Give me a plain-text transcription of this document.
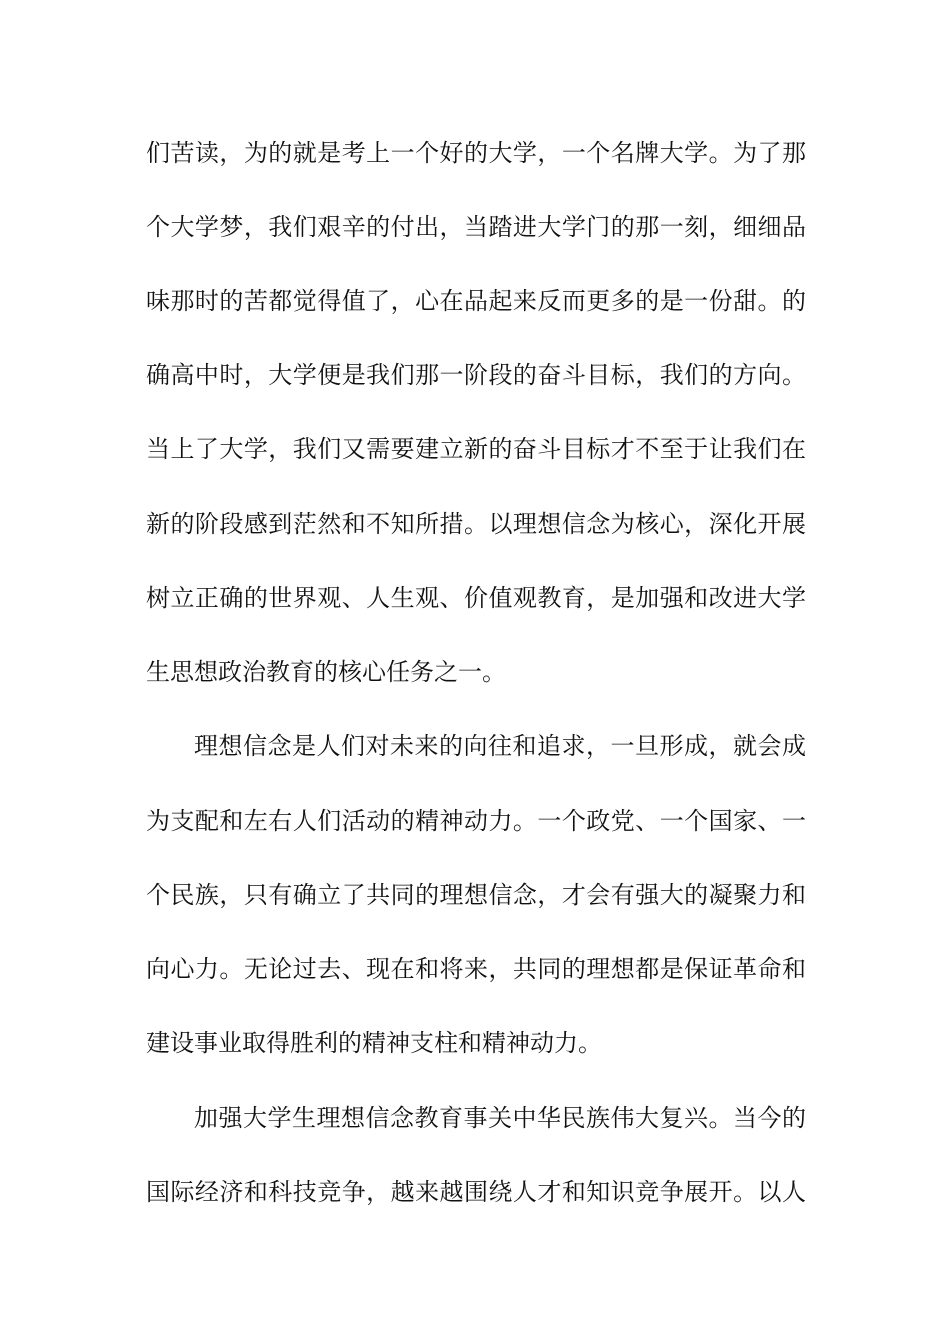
们苦读，为的就是考上一个好的大学，一个名牌大学。为了那
个大学梦，我们艰辛的付出，当踏进大学门的那一刻，细细品
味那时的苦都觉得值了，心在品起来反而更多的是一份甜。的
确高中时，大学便是我们那一阶段的奋斗目标，我们的方向。
当上了大学，我们又需要建立新的奋斗目标才不至于让我们在
新的阶段感到茫然和不知所措。以理想信念为核心，深化开展
树立正确的世界观、人生观、价值观教育，是加强和改进大学
生思想政治教育的核心任务之一。
理想信念是人们对未来的向往和追求，一旦形成，就会成
为支配和左右人们活动的精神动力。一个政党、一个国家、一
个民族，只有确立了共同的理想信念，才会有强大的凝聚力和
向心力。无论过去、现在和将来，共同的理想都是保证革命和
建设事业取得胜利的精神支柱和精神动力。
加强大学生理想信念教育事关中华民族伟大复兴。当今的
国际经济和科技竞争，越来越围绕人才和知识竞争展开。以人
